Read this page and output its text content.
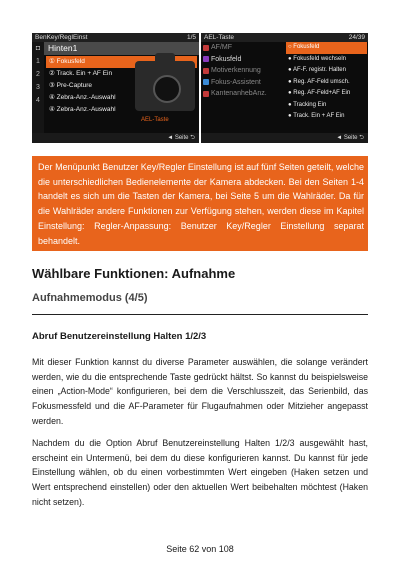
BenKey/ReglEinst	1/5
◘
1
2
3
4
Hinten1
① Fokusfeld
② Track. Ein + AF Ein
③ Pre-Capture
④ Zebra-Anz.-Auswahl
④ Zebra-Anz.-Auswahl
AEL-Taste
◄ Seite ⮌
AEL-Taste	24/39
AF/MF
Fokusfeld
Motiverkennung
Fokus-Assistent
KantenanhebAnz.
○ Fokusfeld
● Fokusfeld wechseln
● AF-F. registr. Halten
● Reg. AF-Feld umsch.
● Reg. AF-Feld+AF Ein
● Tracking Ein
● Track. Ein + AF Ein
◄ Seite ⮌
Der Menüpunkt Benutzer Key/Regler Einstellung ist auf fünf Seiten geteilt, welche die unterschiedlichen Bedienelemente der Kamera abdecken. Bei den Seiten 1-4 handelt es sich um die Tasten der Kamera, bei Seite 5 um die Wahlräder. Da für die Wahlräder andere Funktionen zur Verfügung stehen, werden diese im Kapitel Einstellung: Regler-Anpassung: Benutzer Key/Regler Einstellung separat behandelt.
Wählbare Funktionen: Aufnahme
Aufnahmemodus (4/5)
Abruf Benutzereinstellung Halten 1/2/3

Mit dieser Funktion kannst du diverse Parameter auswählen, die solange verändert werden, wie du die entsprechende Taste gedrückt hältst. So kannst du beispielsweise einen „Action-Mode“ konfigurieren, bei dem die Verschlusszeit, das Serienbild, das Fokusmessfeld und die AF-Parameter für Flugaufnahmen oder Mitzieher angepasst werden.

Nachdem du die Option Abruf Benutzereinstellung Halten 1/2/3 ausgewählt hast, erscheint ein Untermenü, bei dem du diese konfigurieren kannst. Du kannst für jede Einstellung wählen, ob du einen vorbestimmten Wert eingeben (Haken setzen und Wert entsprechend einstellen) oder den aktuellen Wert beibehalten möchtest (Haken nicht setzen).

Seite 62 von 108
